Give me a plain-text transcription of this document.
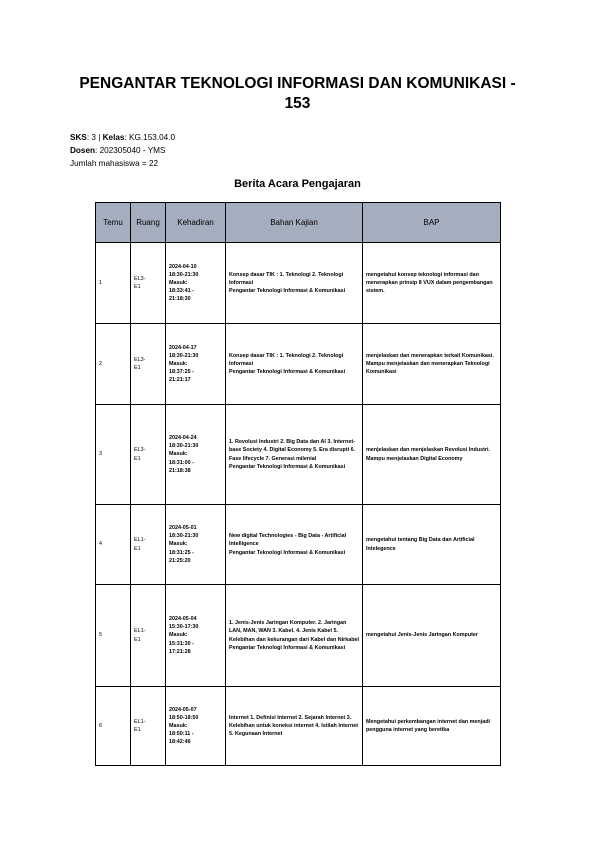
PENGANTAR TEKNOLOGI INFORMASI DAN KOMUNIKASI - 153
SKS: 3 | Kelas: KG.153.04.0
Dosen: 202305040 - YMS
Jumlah mahasiswa = 22
Berita Acara Pengajaran
Temu	Ruang	Kehadiran	Bahan Kajian	BAP
1	EL3-
E1	2024-04-10
18:30-21:30
Masuk:
18:33:41 -
21:18:30	Konsep dasar TIK : 1. Teknologi 2. Teknologi Informasi
Pengantar Teknologi Informasi & Komunikasi	mengetahui konsep teknologi informasi dan menerapkan prinsip 8 VUX dalam pengembangan sistem.
2	EL3-
E1	2024-04-17
18:30-21:30
Masuk:
18:37:25 -
21:21:17	Konsep dasar TIK : 1. Teknologi 2. Teknologi Informasi
Pengantar Teknologi Informasi & Komunikasi	menjelaskan dan menerapkan terkait Komunikasi. Mampu menjelaskan dan menerapkan Teknologi Komunikasi
3	EL3-
E1	2024-04-24
18:30-21:30
Masuk:
18:31:00 -
21:18:38	1. Revolusi Industri 2. Big Data dan AI 3. Internet-base Society 4. Digital Economy 5. Era disrupti 6. Fase lifecycle 7. Generasi milenial
Pengantar Teknologi Informasi & Komunikasi	menjelaskan dan menjelaskan Revolusi Industri. Mampu menjelaskan Digital Economy
4	EL1-
E1	2024-05-01
18:30-21:30
Masuk:
18:31:25 -
21:25:20	New digital Technologies - Big Data - Artificial Intelligence
Pengantar Teknologi Informasi & Komunikasi	mengetahui tentang Big Data dan Artificial Intelegence
5	EL1-
E1	2024-05-04
15:30-17:30
Masuk:
15:31:30 -
17:21:28	1. Jenis-Jenis Jaringan Komputer. 2. Jaringan LAN, MAN, WAN 3. Kabel. 4. Jenis Kabel 5. Kelebihan dan kekurangan dari Kabel dan Nirkabel
Pengantar Teknologi Informasi & Komunikasi	mengetahui Jenis-Jenis Jaringan Komputer
6	EL1-
E1	2024-05-07
18:50-18:50
Masuk:
18:50:11 -
18:42:46	Internet 1. Definisi Internet 2. Sejarah Internet 3. Kelebihan untuk koneksi internet 4. Istilah Internet 5. Kegunaan Internet	Mengetahui perkembangan internet dan menjadi pengguna internet yang beretika
